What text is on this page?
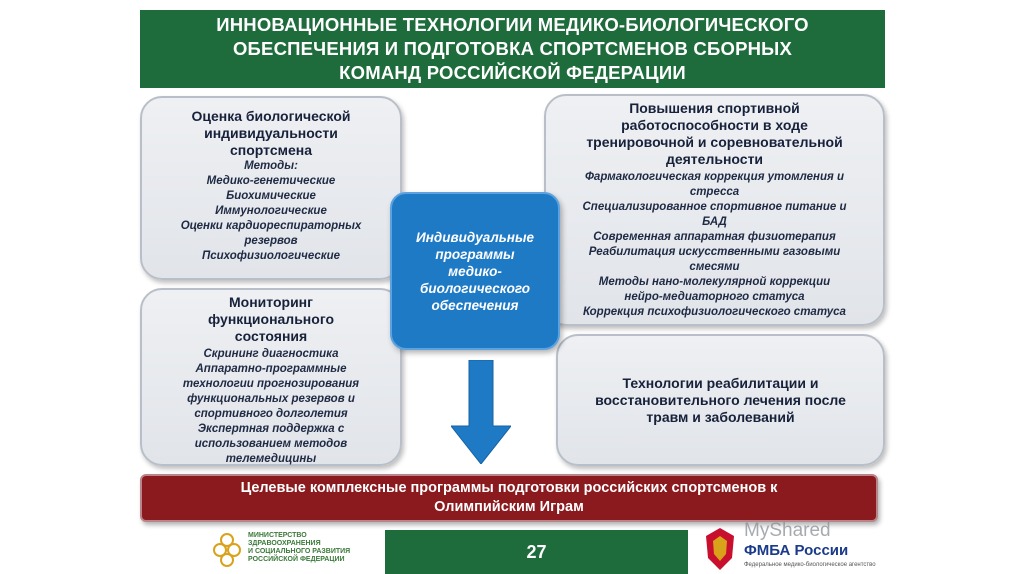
ИННОВАЦИОННЫЕ ТЕХНОЛОГИИ МЕДИКО-БИОЛОГИЧЕСКОГО
ОБЕСПЕЧЕНИЯ И ПОДГОТОВКА СПОРТСМЕНОВ СБОРНЫХ
КОМАНД РОССИЙСКОЙ ФЕДЕРАЦИИ
Оценка биологической
индивидуальности
спортсмена
Методы:
Медико-генетические
Биохимические
Иммунологические
Оценки кардиореспираторных
резервов
Психофизиологические
Мониторинг
функционального
состояния
Скрининг диагностика
Аппаратно-программные
технологии прогнозирования
функциональных резервов и
спортивного долголетия
Экспертная поддержка с
использованием методов
телемедицины
Повышения спортивной
работоспособности в ходе
тренировочной и соревновательной
деятельности
Фармакологическая коррекция утомления и
стресса
Специализированное спортивное питание и
БАД
Современная аппаратная физиотерапия
Реабилитация искусственными газовыми
смесями
Методы нано-молекулярной коррекции
нейро-медиаторного статуса
Коррекция психофизиологического статуса
Технологии реабилитации и
восстановительного лечения после
травм и заболеваний
Индивидуальные
программы
медико-
биологического
обеспечения
Целевые комплексные программы подготовки российских спортсменов к
Олимпийским Играм
МИНИСТЕРСТВО
ЗДРАВООХРАНЕНИЯ
И СОЦИАЛЬНОГО РАЗВИТИЯ
РОССИЙСКОЙ ФЕДЕРАЦИИ	27
MyShared
ФМБА России
Федеральное медико-биологическое агентство
